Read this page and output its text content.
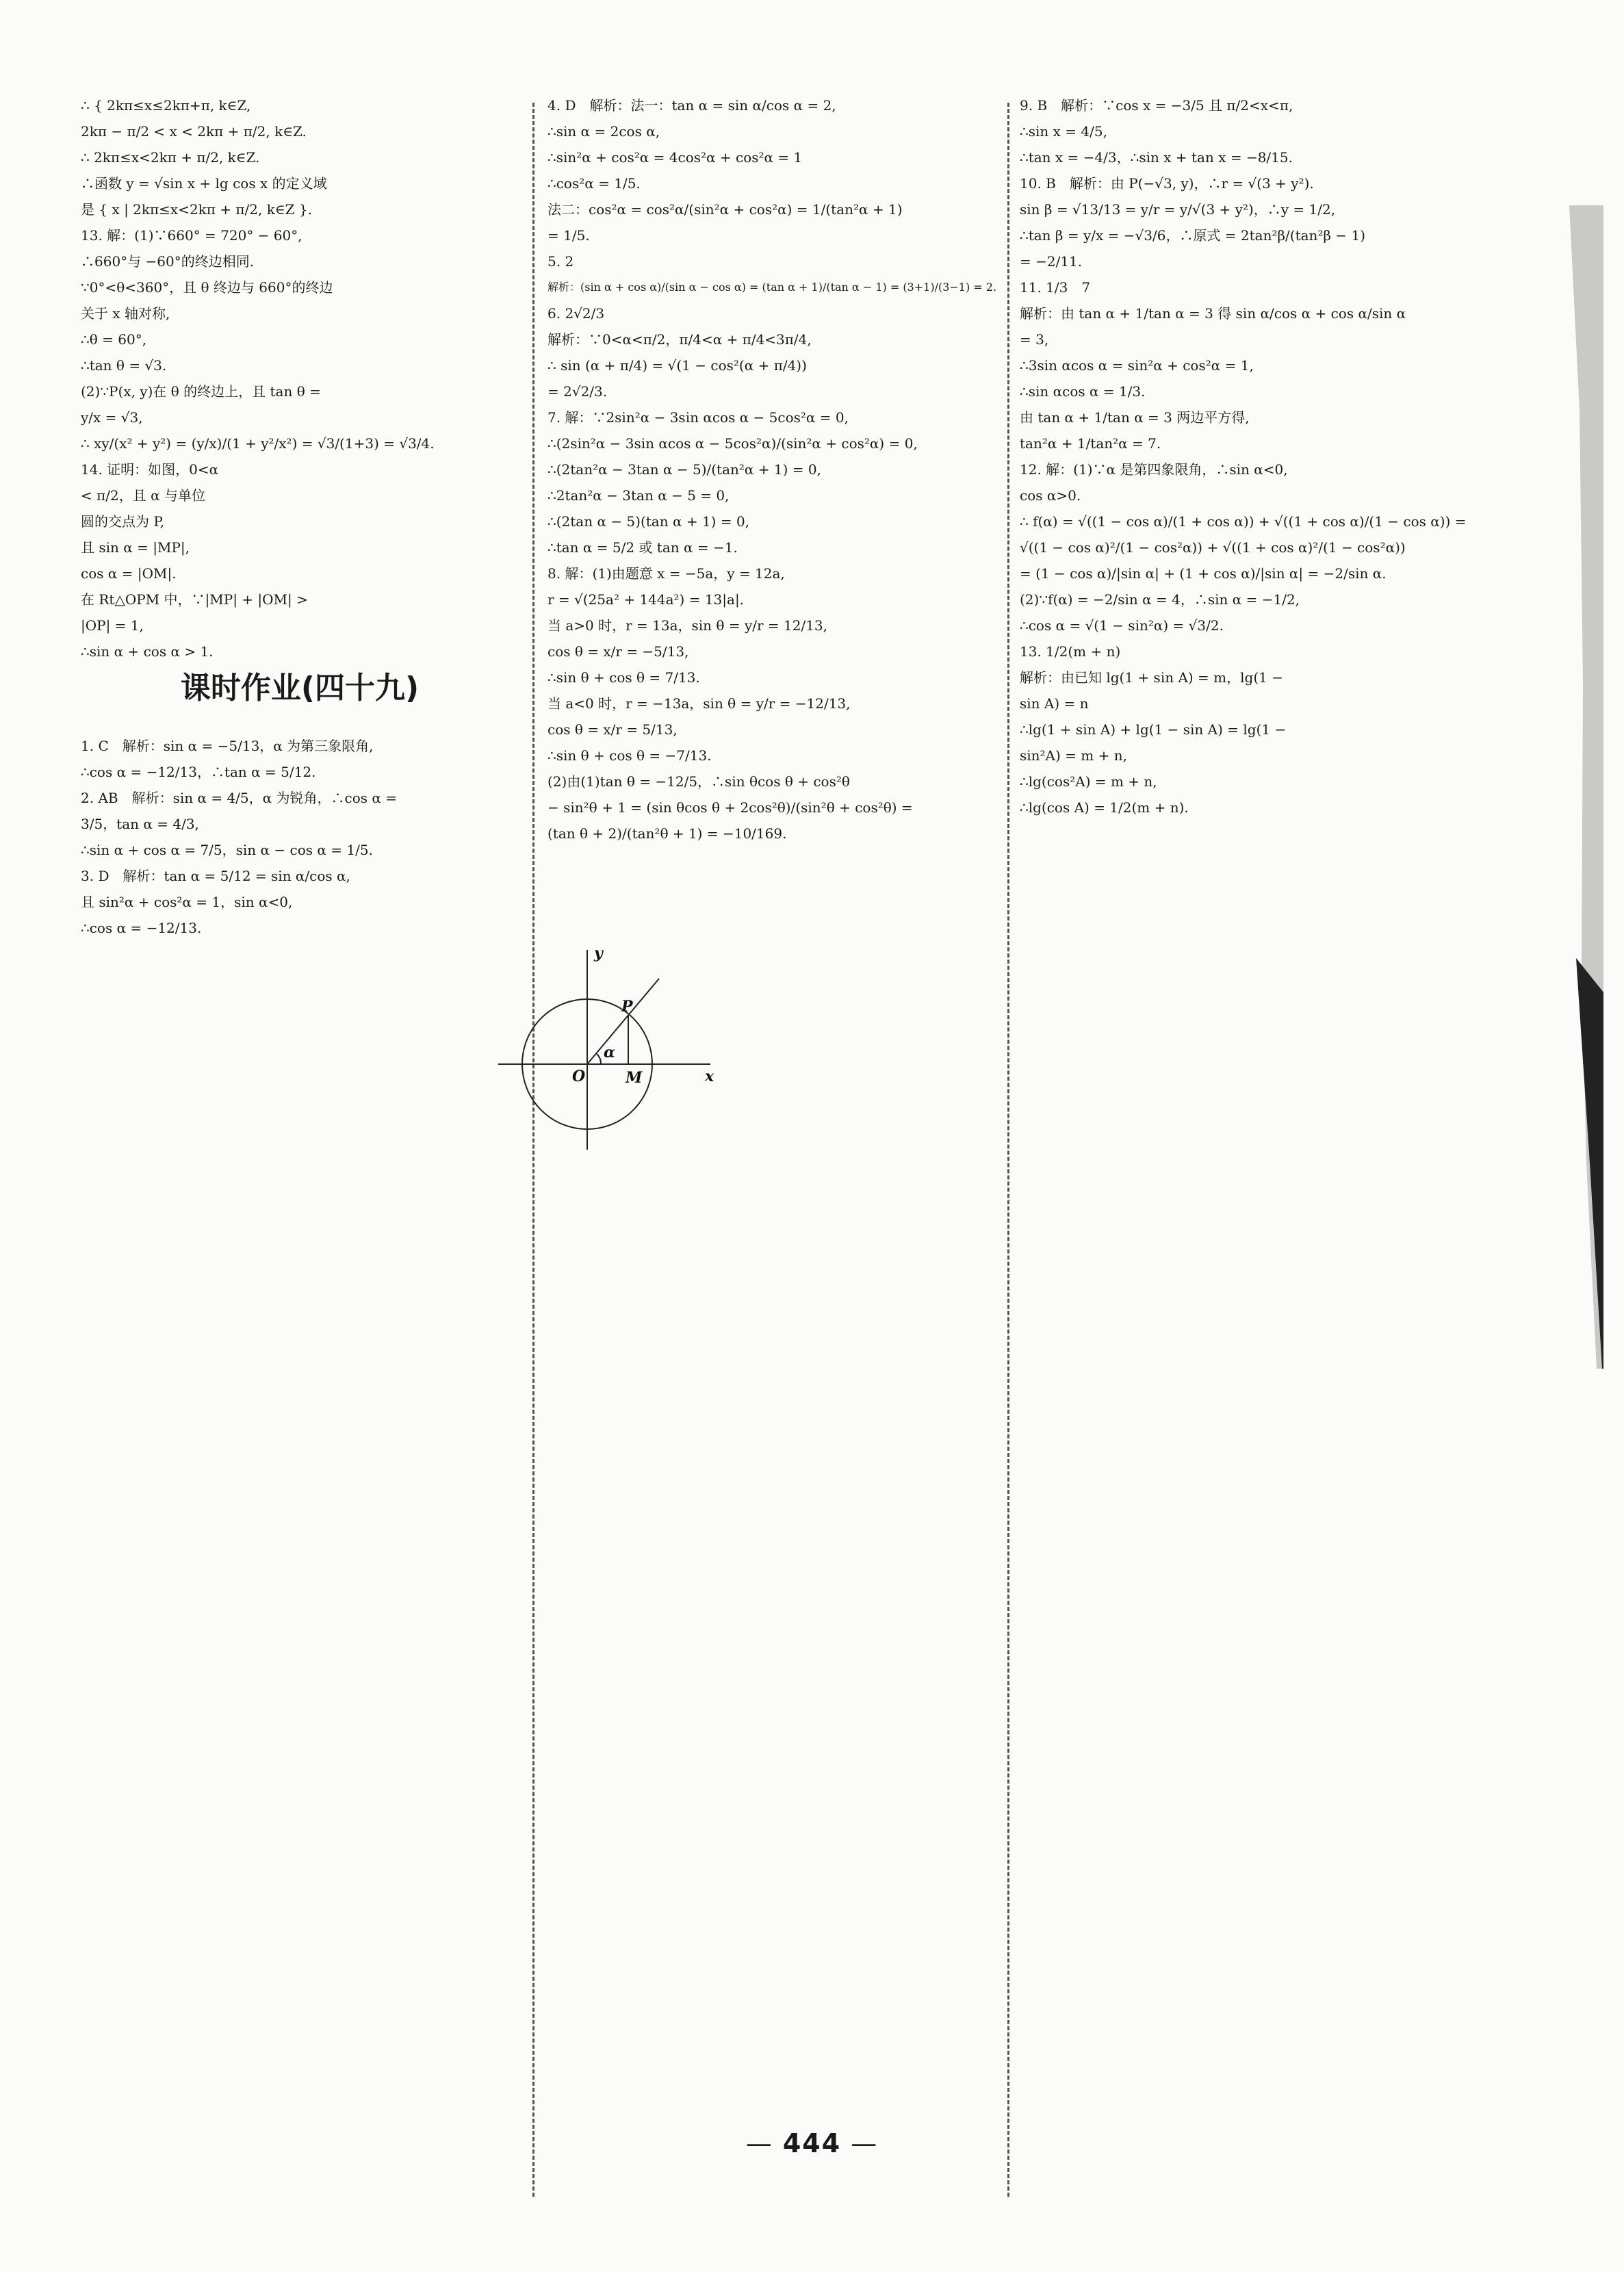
∴ { 2kπ≤x≤2kπ+π, k∈Z,
2kπ − π/2 < x < 2kπ + π/2, k∈Z.
∴ 2kπ≤x<2kπ + π/2, k∈Z.
∴函数 y = √sin x + lg cos x 的定义域
是 { x | 2kπ≤x<2kπ + π/2, k∈Z }.
13. 解：(1)∵660° = 720° − 60°,
∴660°与 −60°的终边相同.
∵0°<θ<360°，且 θ 终边与 660°的终边
关于 x 轴对称,
∴θ = 60°,
∴tan θ = √3.
(2)∵P(x, y)在 θ 的终边上，且 tan θ =
y/x = √3,
∴ xy/(x² + y²) = (y/x)/(1 + y²/x²) = √3/(1+3) = √3/4.
14. 证明：如图，0<α
< π/2，且 α 与单位
圆的交点为 P,
且 sin α = |MP|,
cos α = |OM|.
在 Rt△OPM 中，∵|MP| + |OM| >
|OP| = 1,
∴sin α + cos α > 1.
课时作业(四十九)
1. C　解析：sin α = −5/13，α 为第三象限角,
∴cos α = −12/13，∴tan α = 5/12.
2. AB　解析：sin α = 4/5，α 为锐角，∴cos α =
3/5，tan α = 4/3,
∴sin α + cos α = 7/5，sin α − cos α = 1/5.
3. D　解析：tan α = 5/12 = sin α/cos α,
且 sin²α + cos²α = 1，sin α<0,
∴cos α = −12/13.
x
y
P
O	M
α
4. D　解析：法一：tan α = sin α/cos α = 2,
∴sin α = 2cos α,
∴sin²α + cos²α = 4cos²α + cos²α = 1
∴cos²α = 1/5.
法二：cos²α = cos²α/(sin²α + cos²α) = 1/(tan²α + 1)
= 1/5.
5. 2
解析：(sin α + cos α)/(sin α − cos α) = (tan α + 1)/(tan α − 1) = (3+1)/(3−1) = 2.
6. 2√2/3
解析：∵0<α<π/2，π/4<α + π/4<3π/4,
∴ sin (α + π/4) = √(1 − cos²(α + π/4))
= 2√2/3.
7. 解：∵2sin²α − 3sin αcos α − 5cos²α = 0,
∴(2sin²α − 3sin αcos α − 5cos²α)/(sin²α + cos²α) = 0,
∴(2tan²α − 3tan α − 5)/(tan²α + 1) = 0,
∴2tan²α − 3tan α − 5 = 0,
∴(2tan α − 5)(tan α + 1) = 0,
∴tan α = 5/2 或 tan α = −1.
8. 解：(1)由题意 x = −5a，y = 12a,
r = √(25a² + 144a²) = 13|a|.
当 a>0 时，r = 13a，sin θ = y/r = 12/13,
cos θ = x/r = −5/13,
∴sin θ + cos θ = 7/13.
当 a<0 时，r = −13a，sin θ = y/r = −12/13,
cos θ = x/r = 5/13,
∴sin θ + cos θ = −7/13.
(2)由(1)tan θ = −12/5，∴sin θcos θ + cos²θ
− sin²θ + 1 = (sin θcos θ + 2cos²θ)/(sin²θ + cos²θ) =
(tan θ + 2)/(tan²θ + 1) = −10/169.
9. B　解析：∵cos x = −3/5 且 π/2<x<π,
∴sin x = 4/5,
∴tan x = −4/3，∴sin x + tan x = −8/15.
10. B　解析：由 P(−√3, y)，∴r = √(3 + y²).
sin β = √13/13 = y/r = y/√(3 + y²)，∴y = 1/2,
∴tan β = y/x = −√3/6，∴原式 = 2tan²β/(tan²β − 1)
= −2/11.
11. 1/3　7
解析：由 tan α + 1/tan α = 3 得 sin α/cos α + cos α/sin α
= 3,
∴3sin αcos α = sin²α + cos²α = 1,
∴sin αcos α = 1/3.
由 tan α + 1/tan α = 3 两边平方得,
tan²α + 1/tan²α = 7.
12. 解：(1)∵α 是第四象限角，∴sin α<0,
cos α>0.
∴ f(α) = √((1 − cos α)/(1 + cos α)) + √((1 + cos α)/(1 − cos α)) =
√((1 − cos α)²/(1 − cos²α)) + √((1 + cos α)²/(1 − cos²α))
= (1 − cos α)/|sin α| + (1 + cos α)/|sin α| = −2/sin α.
(2)∵f(α) = −2/sin α = 4，∴sin α = −1/2,
∴cos α = √(1 − sin²α) = √3/2.
13. 1/2(m + n)
解析：由已知 lg(1 + sin A) = m，lg(1 −
sin A) = n
∴lg(1 + sin A) + lg(1 − sin A) = lg(1 −
sin²A) = m + n,
∴lg(cos²A) = m + n,
∴lg(cos A) = 1/2(m + n).
— 444 —
